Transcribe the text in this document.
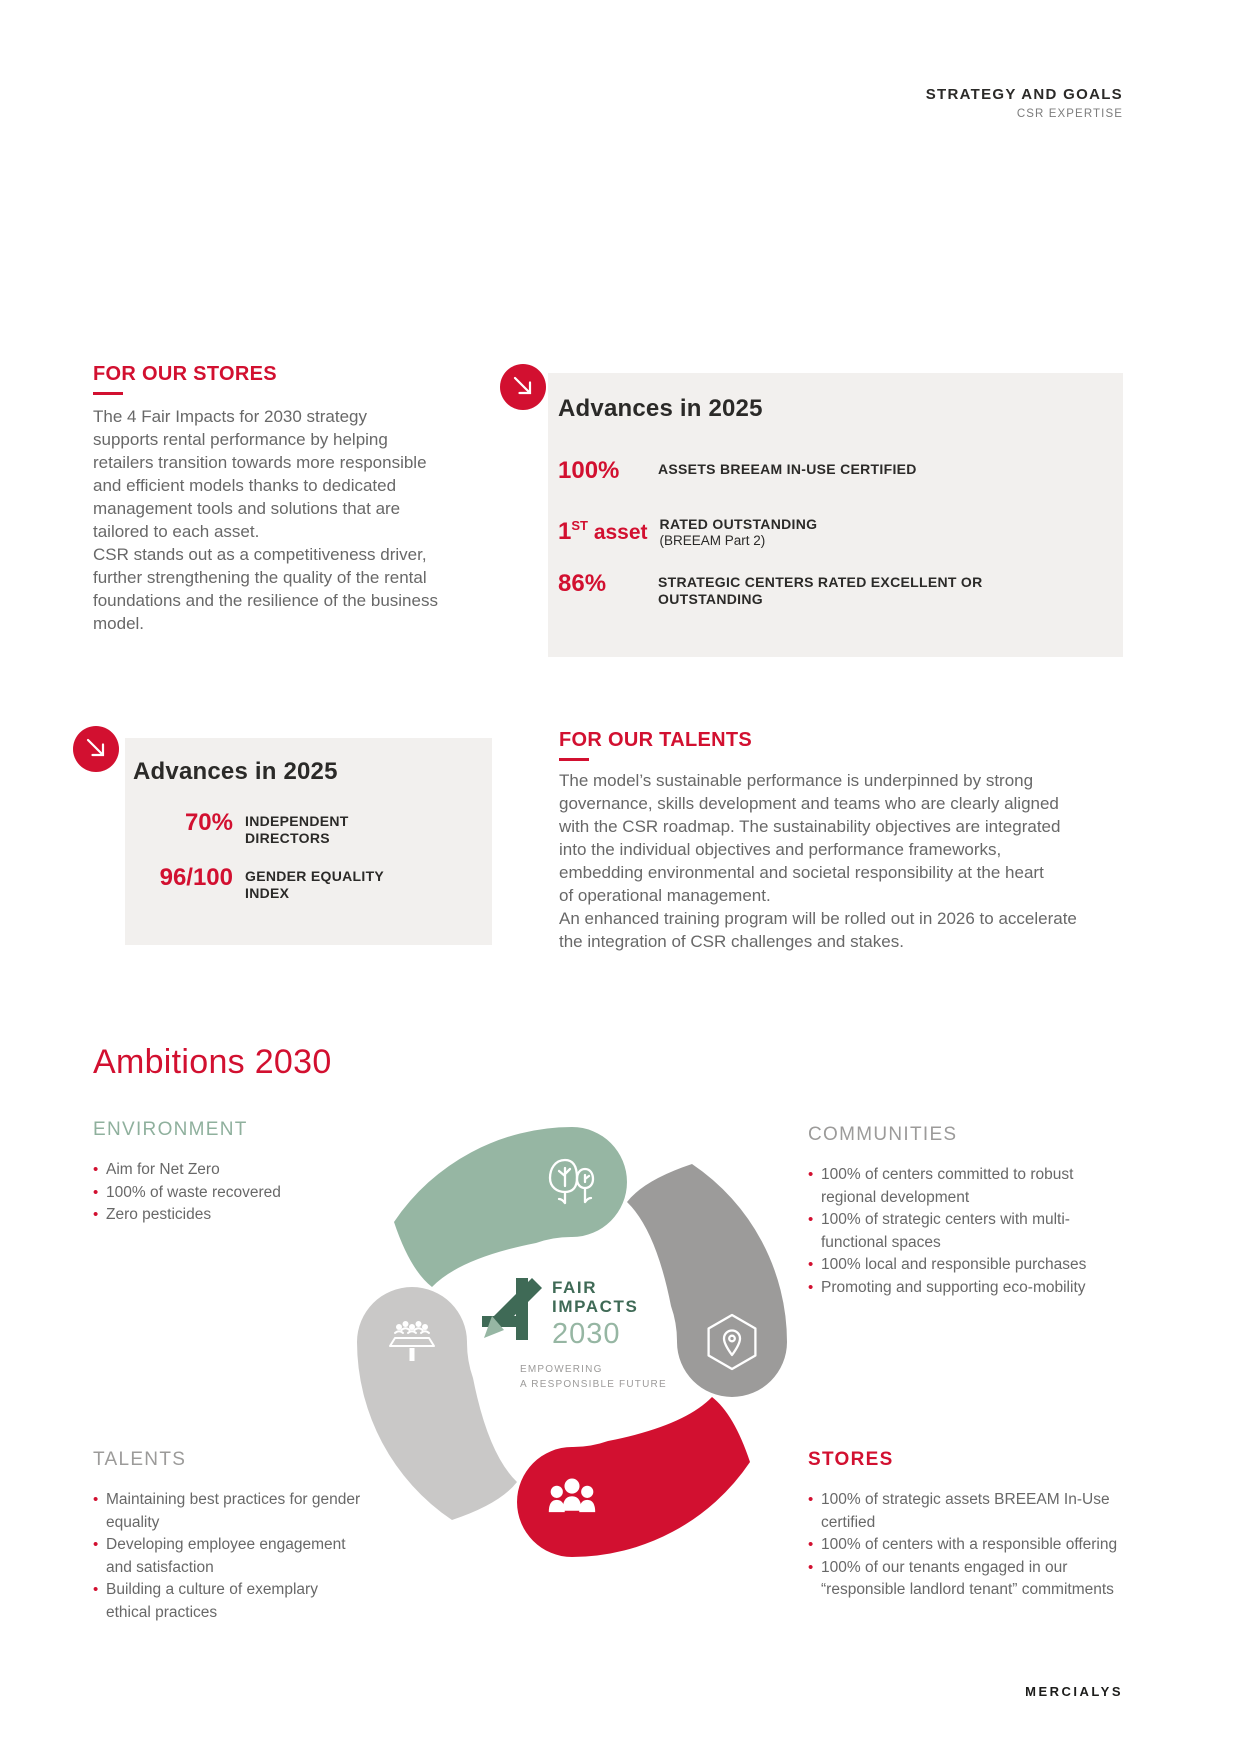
STRATEGY AND GOALS
CSR EXPERTISE
FOR OUR STORES
The 4 Fair Impacts for 2030 strategy
supports rental performance by helping
retailers transition towards more responsible
and efficient models thanks to dedicated
management tools and solutions that are
tailored to each asset.
CSR stands out as a competitiveness driver,
further strengthening the quality of the rental
foundations and the resilience of the business
model.
Advances in 2025
100%	ASSETS BREEAM IN-USE CERTIFIED
1ST asset RATED OUTSTANDING
(BREEAM Part 2)
86%	STRATEGIC CENTERS RATED EXCELLENT OR OUTSTANDING
Advances in 2025
70% INDEPENDENT DIRECTORS
96/100 GENDER EQUALITY INDEX
FOR OUR TALENTS
The model’s sustainable performance is underpinned by strong
governance, skills development and teams who are clearly aligned
with the CSR roadmap. The sustainability objectives are integrated
into the individual objectives and performance frameworks,
embedding environmental and societal responsibility at the heart
of operational management.
An enhanced training program will be rolled out in 2026 to accelerate
the integration of CSR challenges and stakes.
Ambitions 2030
ENVIRONMENT
• Aim for Net Zero
• 100% of waste recovered
• Zero pesticides
COMMUNITIES
• 100% of centers committed to robust
regional development
• 100% of strategic centers with multi-
functional spaces
• 100% local and responsible purchases
• Promoting and supporting eco-mobility
TALENTS
• Maintaining best practices for gender
equality
• Developing employee engagement
and satisfaction
• Building a culture of exemplary
ethical practices
STORES
• 100% of strategic assets BREEAM In-Use
certified
• 100% of centers with a responsible offering
• 100% of our tenants engaged in our
“responsible landlord tenant” commitments
FAIR
IMPACTS
2030
EMPOWERING
A RESPONSIBLE FUTURE
MERCIALYS
